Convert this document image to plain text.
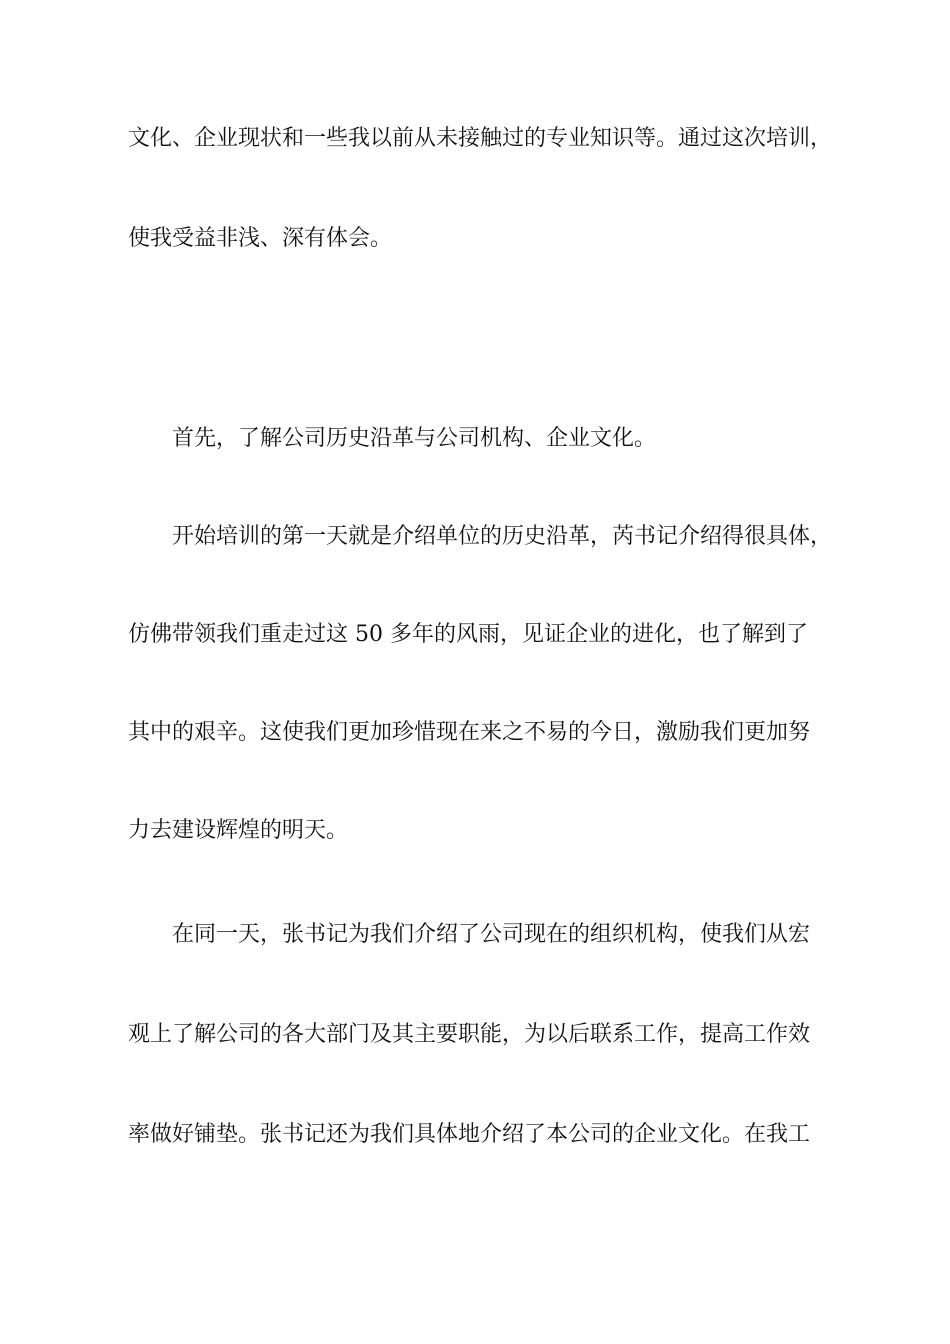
文化、企业现状和一些我以前从未接触过的专业知识等。通过这次培训，
使我受益非浅、深有体会。
首先，了解公司历史沿革与公司机构、企业文化。
开始培训的第一天就是介绍单位的历史沿革，芮书记介绍得很具体，
仿佛带领我们重走过这 50 多年的风雨，见证企业的进化，也了解到了
其中的艰辛。这使我们更加珍惜现在来之不易的今日，激励我们更加努
力去建设辉煌的明天。
在同一天，张书记为我们介绍了公司现在的组织机构，使我们从宏
观上了解公司的各大部门及其主要职能，为以后联系工作，提高工作效
率做好铺垫。张书记还为我们具体地介绍了本公司的企业文化。在我工
